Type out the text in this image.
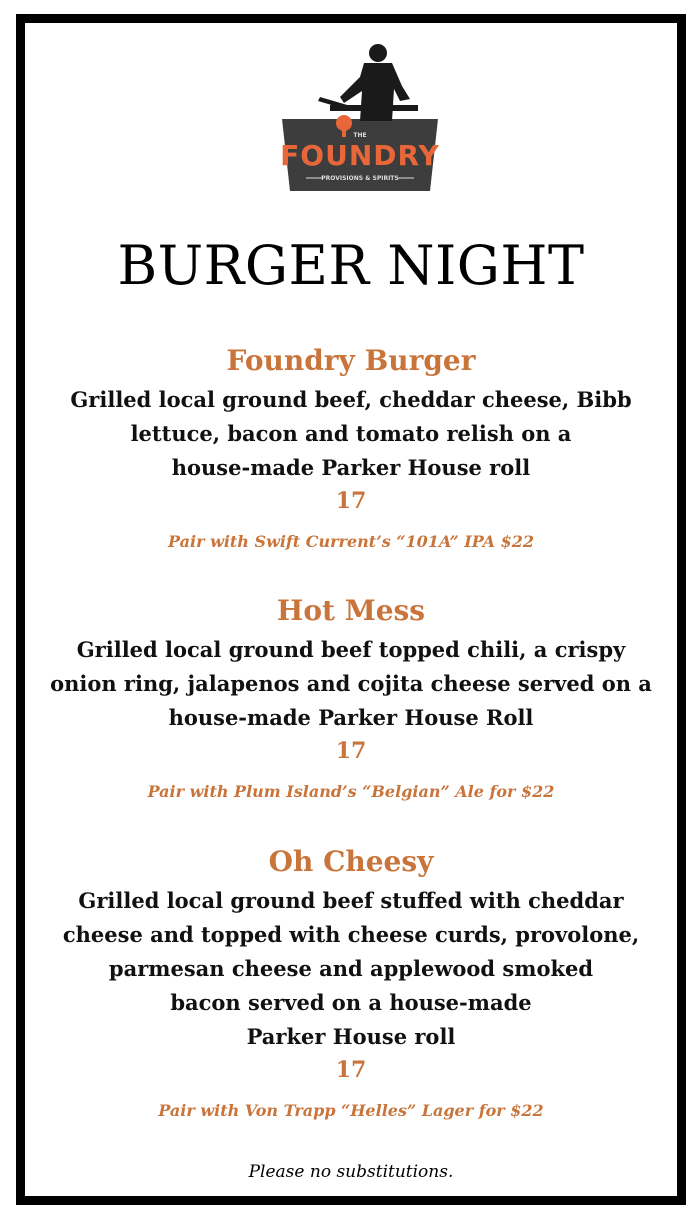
THE
FOUNDRY
PROVISIONS & SPIRITS
BURGER NIGHT
Foundry Burger
Grilled local ground beef, cheddar cheese, Bibb
lettuce, bacon and tomato relish on a
house-made Parker House roll
17
Pair with Swift Current’s “101A” IPA $22
Hot Mess
Grilled local ground beef topped chili, a crispy
onion ring, jalapenos and cojita cheese served on a
house-made Parker House Roll
17
Pair with Plum Island’s “Belgian” Ale for $22
Oh Cheesy
Grilled local ground beef stuffed with cheddar
cheese and topped with cheese curds, provolone,
parmesan cheese and applewood smoked
bacon served on a house-made
Parker House roll
17
Pair with Von Trapp “Helles” Lager for $22
Please no substitutions.
